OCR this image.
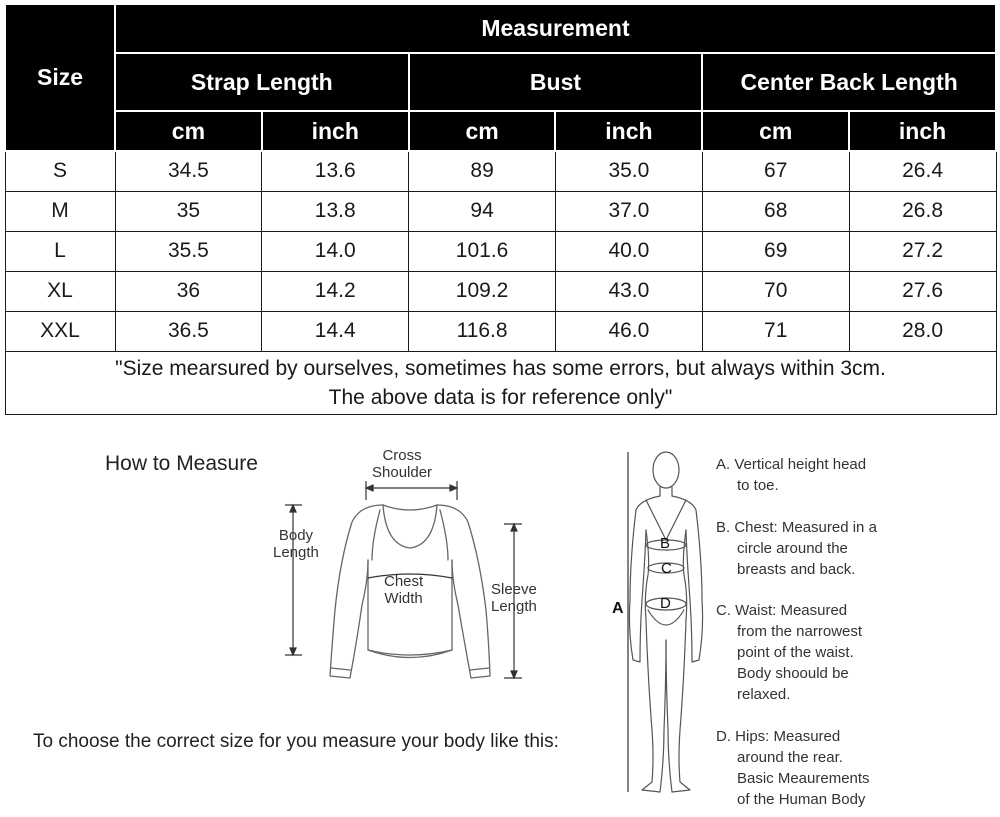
Size	Measurement					
	Strap Length		Bust		Center Back Length	
	cm	inch	cm	inch	cm	inch
S	34.5	13.6	89	35.0	67	26.4
M	35	13.8	94	37.0	68	26.8
L	35.5	14.0	101.6	40.0	69	27.2
XL	36	14.2	109.2	43.0	70	27.6
XXL	36.5	14.4	116.8	46.0	71	28.0
"Size mearsured by ourselves, sometimes has some errors, but always within 3cm.
The above data is for reference only"						
How to Measure	Cross
Shoulder
Body
Length
Chest
Width
Sleeve
Length
To choose the correct size for you measure your body like this:
A
B
C
D
A. Vertical height head
to toe.
B. Chest: Measured in a
circle around the
breasts and back.
C. Waist: Measured
from the narrowest
point of the waist.
Body shoould be
relaxed.
D. Hips: Measured
around the rear.
Basic Meaurements
of the Human Body
